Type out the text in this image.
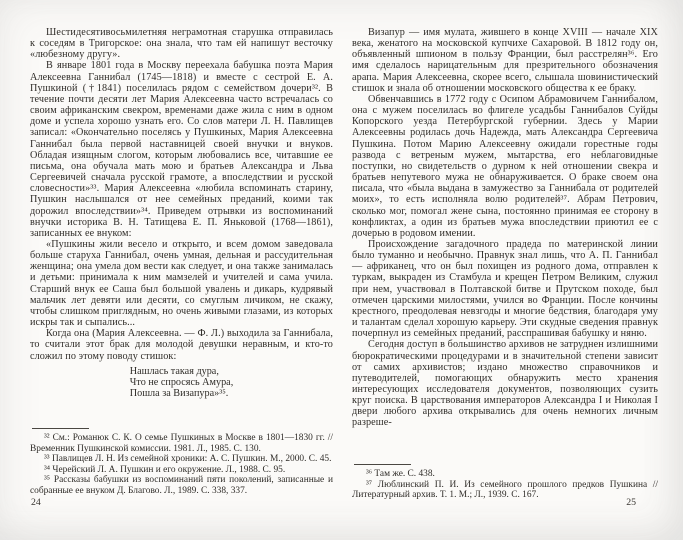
Шестидесятивосьмилетняя неграмотная старушка отправилась к соседям в Тригорское: она знала, что там ей напишут весточку «любезному другу».

В январе 1801 года в Москву переехала бабушка поэта Мария Алексеевна Ганнибал (1745—1818) и вместе с сестрой Е. А. Пушкиной (†1841) поселилась рядом с семейством дочери³². В течение почти десяти лет Мария Алексеевна часто встречалась со своим африканским свекром, временами даже жила с ним в одном доме и успела хорошо узнать его. Со слов матери Л. Н. Павлищев записал: «Окончательно поселясь у Пушкиных, Мария Алексеевна Ганнибал была первой наставницей своей внучки и внуков. Обладая изящным слогом, которым любовались все, читавшие ее письма, она обучала мать мою и братьев Александра и Льва Сергеевичей сначала русской грамоте, а впоследствии и русской словесности»³³. Мария Алексеевна «любила вспоминать старину, Пушкин наслышался от нее семейных преданий, коими так дорожил впоследствии»³⁴. Приведем отрывки из воспоминаний внучки историка В. Н. Татищева Е. П. Яньковой (1768—1861), записанных ее внуком:

«Пушкины жили весело и открыто, и всем домом заведовала больше старуха Ганнибал, очень умная, дельная и рассудительная женщина; она умела дом вести как следует, и она также занималась и детьми: принимала к ним мамзелей и учителей и сама учила. Старший внук ее Саша был большой увалень и дикарь, кудрявый мальчик лет девяти или десяти, со смуглым личиком, не скажу, чтобы слишком приглядным, но очень живыми глазами, из которых искры так и сыпались...

Когда она (Мария Алексеевна. — Ф. Л.) выходила за Ганнибала, то считали этот брак для молодой девушки неравным, и кто-то сложил по этому поводу стишок:

Нашлась такая дура,
Что не спросясь Амура,
Пошла за Визапура»³⁵.

³² См.: Романюк С. К. О семье Пушкиных в Москве в 1801—1830 гг. // Временник Пушкинской комиссии. 1981. Л., 1985. С. 130.

³³ Павлищев Л. Н. Из семейной хроники: А. С. Пушкин. М., 2000. С. 45.

³⁴ Черейский Л. А. Пушкин и его окружение. Л., 1988. С. 95.

³⁵ Рассказы бабушки из воспоминаний пяти поколений, записанные и собранные ее внуком Д. Благово. Л., 1989. С. 338, 337.

24

Визапур — имя мулата, жившего в конце XVIII — начале XIX века, женатого на московской купчихе Сахаровой. В 1812 году он, объявленный шпионом в пользу Франции, был расстрелян³⁶. Его имя сделалось нарицательным для презрительного обозначения арапа. Мария Алексеевна, скорее всего, слышала шовинистический стишок и знала об отношении московского общества к ее браку.

Обвенчавшись в 1772 году с Осипом Абрамовичем Ганнибалом, она с мужем поселилась во флигеле усадьбы Ганнибалов Суйды Копорского уезда Петербургской губернии. Здесь у Марии Алексеевны родилась дочь Надежда, мать Александра Сергеевича Пушкина. Потом Марию Алексеевну ожидали горестные годы развода с ветреным мужем, мытарства, его неблаговидные поступки, но свидетельств о дурном к ней отношении свекра и братьев непутевого мужа не обнаруживается. О браке своем она писала, что «была выдана в замужество за Ганнибала от родителей моих», то есть исполняла волю родителей³⁷. Абрам Петрович, сколько мог, помогал жене сына, постоянно принимая ее сторону в конфликтах, а один из братьев мужа впоследствии приютил ее с дочерью в родовом имении.

Происхождение загадочного прадеда по материнской линии было туманно и необычно. Правнук знал лишь, что А. П. Ганнибал — африканец, что он был похищен из родного дома, отправлен к туркам, выкраден из Стамбула и крещен Петром Великим, служил при нем, участвовал в Полтавской битве и Прутском походе, был отмечен царскими милостями, учился во Франции. После кончины крестного, преодолевая невзгоды и многие бедствия, благодаря уму и талантам сделал хорошую карьеру. Эти скудные сведения правнук почерпнул из семейных преданий, расспрашивая бабушку и няню.

Сегодня доступ в большинство архивов не затруднен излишними бюрократическими процедурами и в значительной степени зависит от самих архивистов; издано множество справочников и путеводителей, помогающих обнаружить место хранения интересующих исследователя документов, позволяющих сузить круг поиска. В царствования императоров Александра I и Николая I двери любого архива открывались для очень немногих личным разреше-

³⁶ Там же. С. 438.

³⁷ Люблинский П. И. Из семейного прошлого предков Пушкина // Литературный архив. Т. 1. М.; Л., 1939. С. 167.

25
